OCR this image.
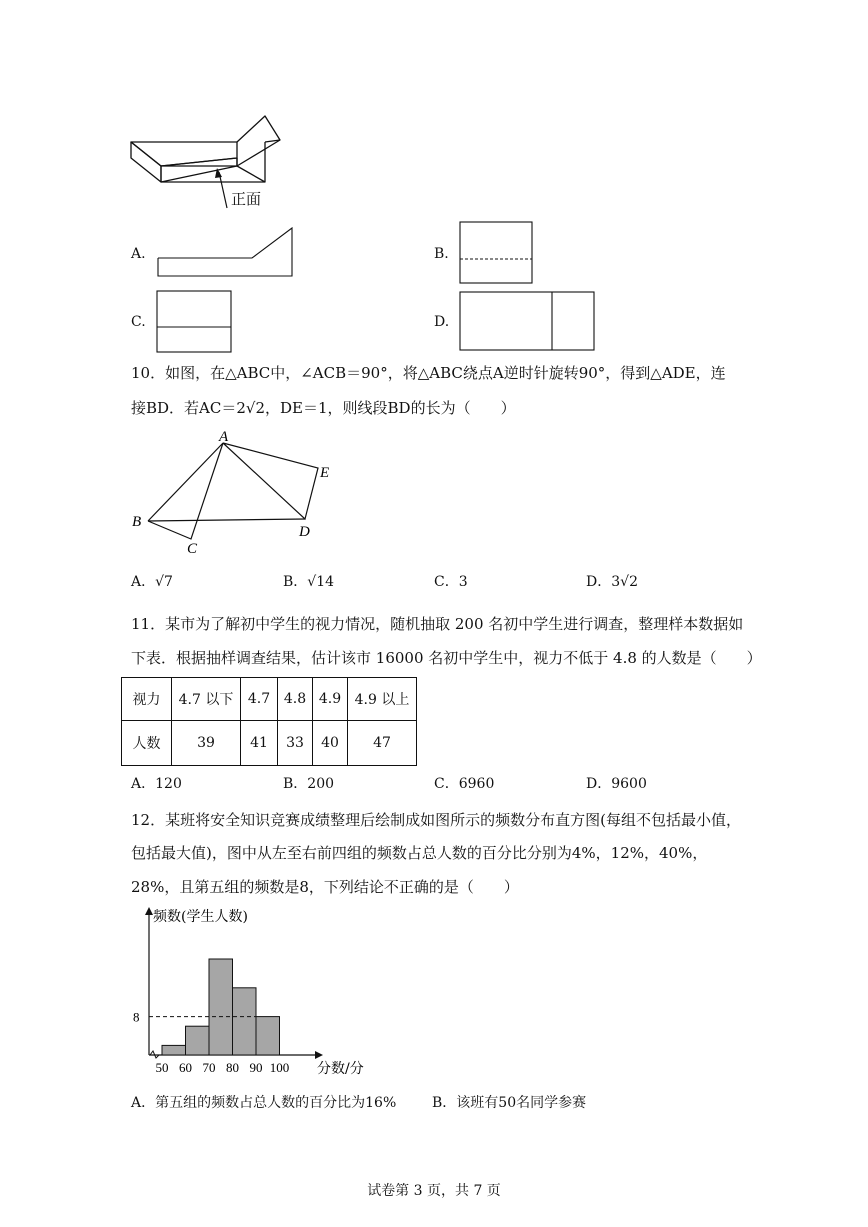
正面
A.	B.
C.	D.
10．如图，在△ABC中，∠ACB＝90°，将△ABC绕点A逆时针旋转90°，得到△ADE，连
接BD．若AC＝2√2，DE＝1，则线段BD的长为（　　）
A
B
C
D
E
A．√7	B．√14	C．3	D．3√2
11．某市为了解初中学生的视力情况，随机抽取 200 名初中学生进行调查，整理样本数据如
下表．根据抽样调查结果，估计该市 16000 名初中学生中，视力不低于 4.8 的人数是（　　）
视力	4.7 以下	4.7	4.8	4.9	4.9 以上
人数	39	41	33	40	47
A．120	B．200	C．6960	D．9600
12．某班将安全知识竞赛成绩整理后绘制成如图所示的频数分布直方图(每组不包括最小值，
包括最大值)，图中从左至右前四组的频数占总人数的百分比分别为4%，12%，40%，
28%，且第五组的频数是8，下列结论不正确的是（　　）
8
50 60 70 80 90 100
频数(学生人数)
分数/分
A．第五组的频数占总人数的百分比为16%	B．该班有50名同学参赛
试卷第 3 页，共 7 页
